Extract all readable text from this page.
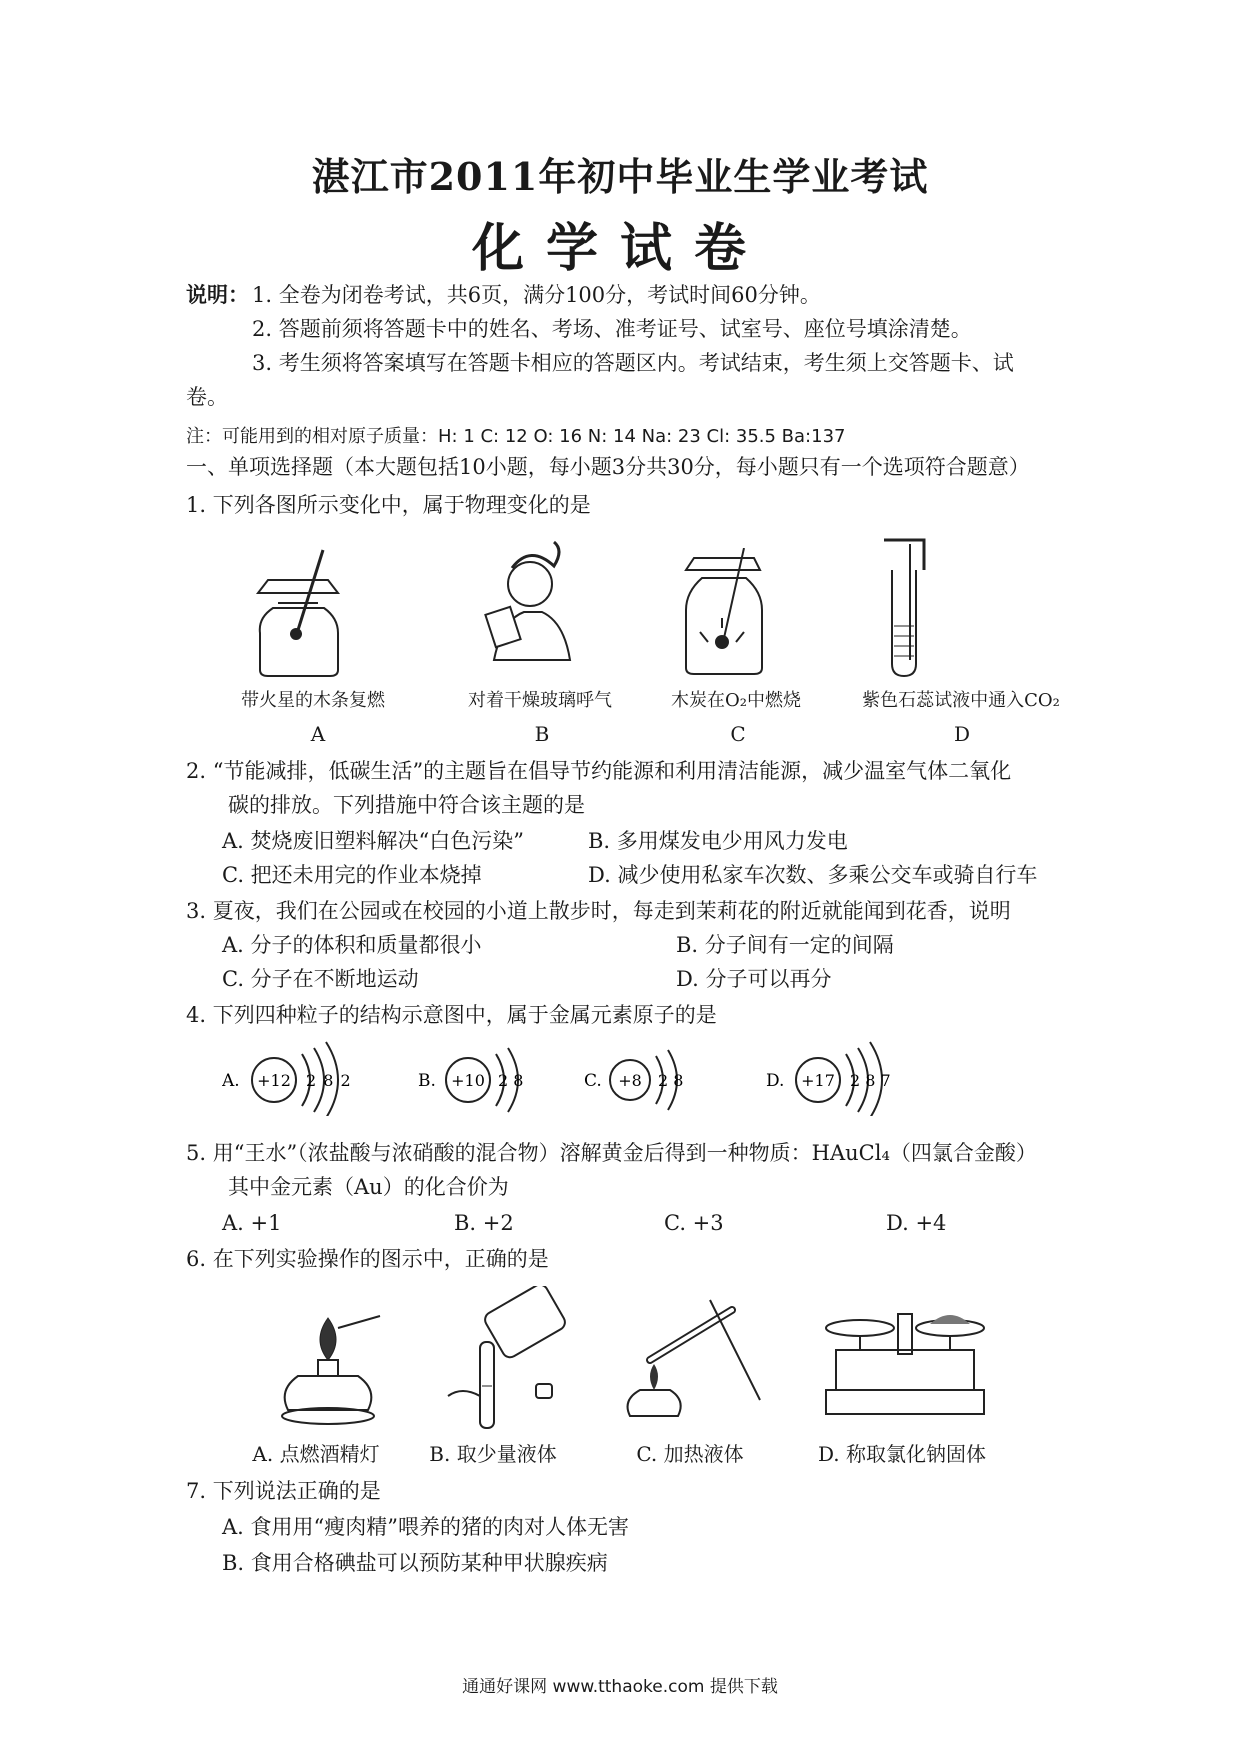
湛江市2011年初中毕业生学业考试
化学试卷
说明： 1. 全卷为闭卷考试，共6页，满分100分，考试时间60分钟。
2. 答题前须将答题卡中的姓名、考场、准考证号、试室号、座位号填涂清楚。
3. 考生须将答案填写在答题卡相应的答题区内。考试结束，考生须上交答题卡、试
卷。
注：可能用到的相对原子质量：H: 1 C: 12 O: 16 N: 14 Na: 23 Cl: 35.5 Ba:137
一、单项选择题（本大题包括10小题，每小题3分共30分，每小题只有一个选项符合题意）
1. 下列各图所示变化中，属于物理变化的是
带火星的木条复燃	对着干燥玻璃呼气	木炭在O₂中燃烧	紫色石蕊试液中通入CO₂
A	B	C	D
2. “节能减排，低碳生活”的主题旨在倡导节约能源和利用清洁能源，减少温室气体二氧化
碳的排放。下列措施中符合该主题的是
A. 焚烧废旧塑料解决“白色污染”	B. 多用煤发电少用风力发电
C. 把还未用完的作业本烧掉	D. 减少使用私家车次数、多乘公交车或骑自行车
3. 夏夜，我们在公园或在校园的小道上散步时，每走到茉莉花的附近就能闻到花香，说明
A. 分子的体积和质量都很小	B. 分子间有一定的间隔
C. 分子在不断地运动	D. 分子可以再分
4. 下列四种粒子的结构示意图中，属于金属元素原子的是
A. +12 2 8 2	B. +10 2 8	C. +8 2 8	D. +17 2 8 7
5. 用“王水”（浓盐酸与浓硝酸的混合物）溶解黄金后得到一种物质：HAuCl₄（四氯合金酸）
其中金元素（Au）的化合价为
A. +1	B. +2	C. +3	D. +4
6. 在下列实验操作的图示中，正确的是
A. 点燃酒精灯	B. 取少量液体	C. 加热液体	D. 称取氯化钠固体
7. 下列说法正确的是
A. 食用用“瘦肉精”喂养的猪的肉对人体无害
B. 食用合格碘盐可以预防某种甲状腺疾病
通通好课网 www.tthaoke.com 提供下载
